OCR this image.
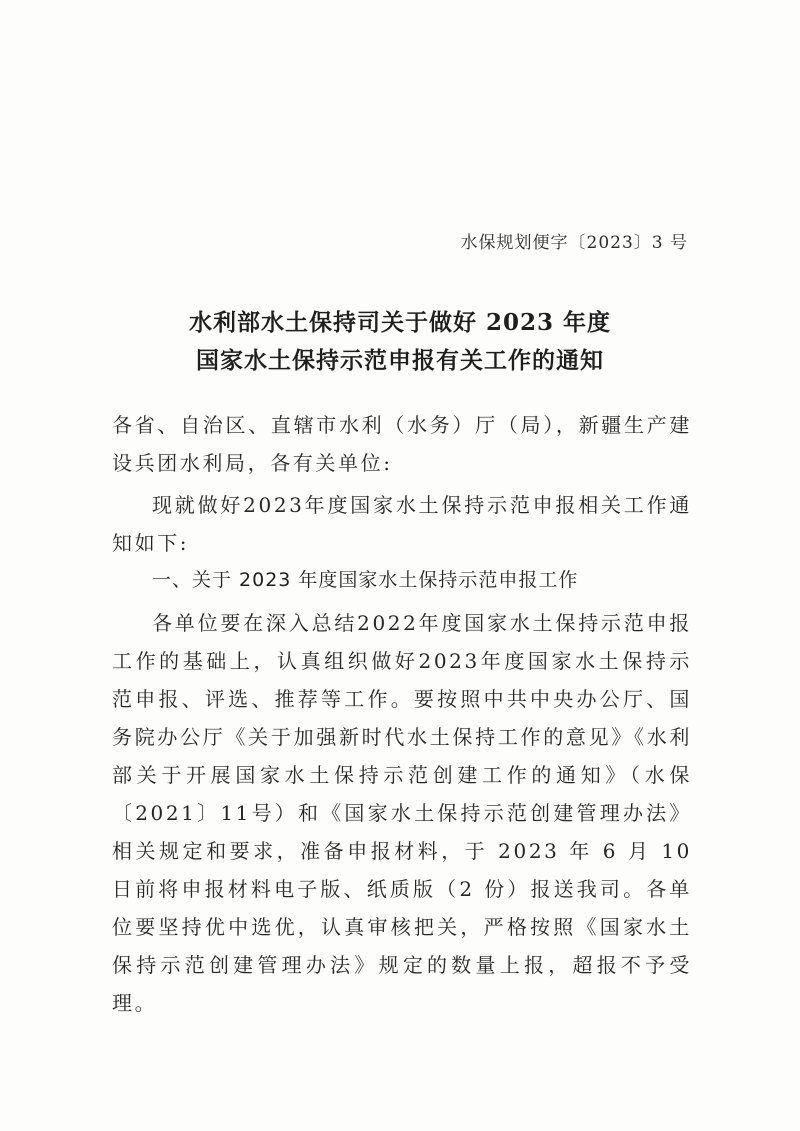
水保规划便字〔2023〕3 号
水利部水土保持司关于做好 2023 年度
国家水土保持示范申报有关工作的通知
各省、自治区、直辖市水利（水务）厅（局），新疆生产建设兵团水利局，各有关单位:
现就做好2023年度国家水土保持示范申报相关工作通知如下:
一、关于 2023 年度国家水土保持示范申报工作
各单位要在深入总结2022年度国家水土保持示范申报工作的基础上，认真组织做好2023年度国家水土保持示范申报、评选、推荐等工作。要按照中共中央办公厅、国务院办公厅《关于加强新时代水土保持工作的意见》《水利部关于开展国家水土保持示范创建工作的通知》（水保〔2021〕11号）和《国家水土保持示范创建管理办法》相关规定和要求，准备申报材料，于 2023 年 6 月 10 日前将申报材料电子版、纸质版（2 份）报送我司。各单位要坚持优中选优，认真审核把关，严格按照《国家水土保持示范创建管理办法》规定的数量上报，超报不予受理。
